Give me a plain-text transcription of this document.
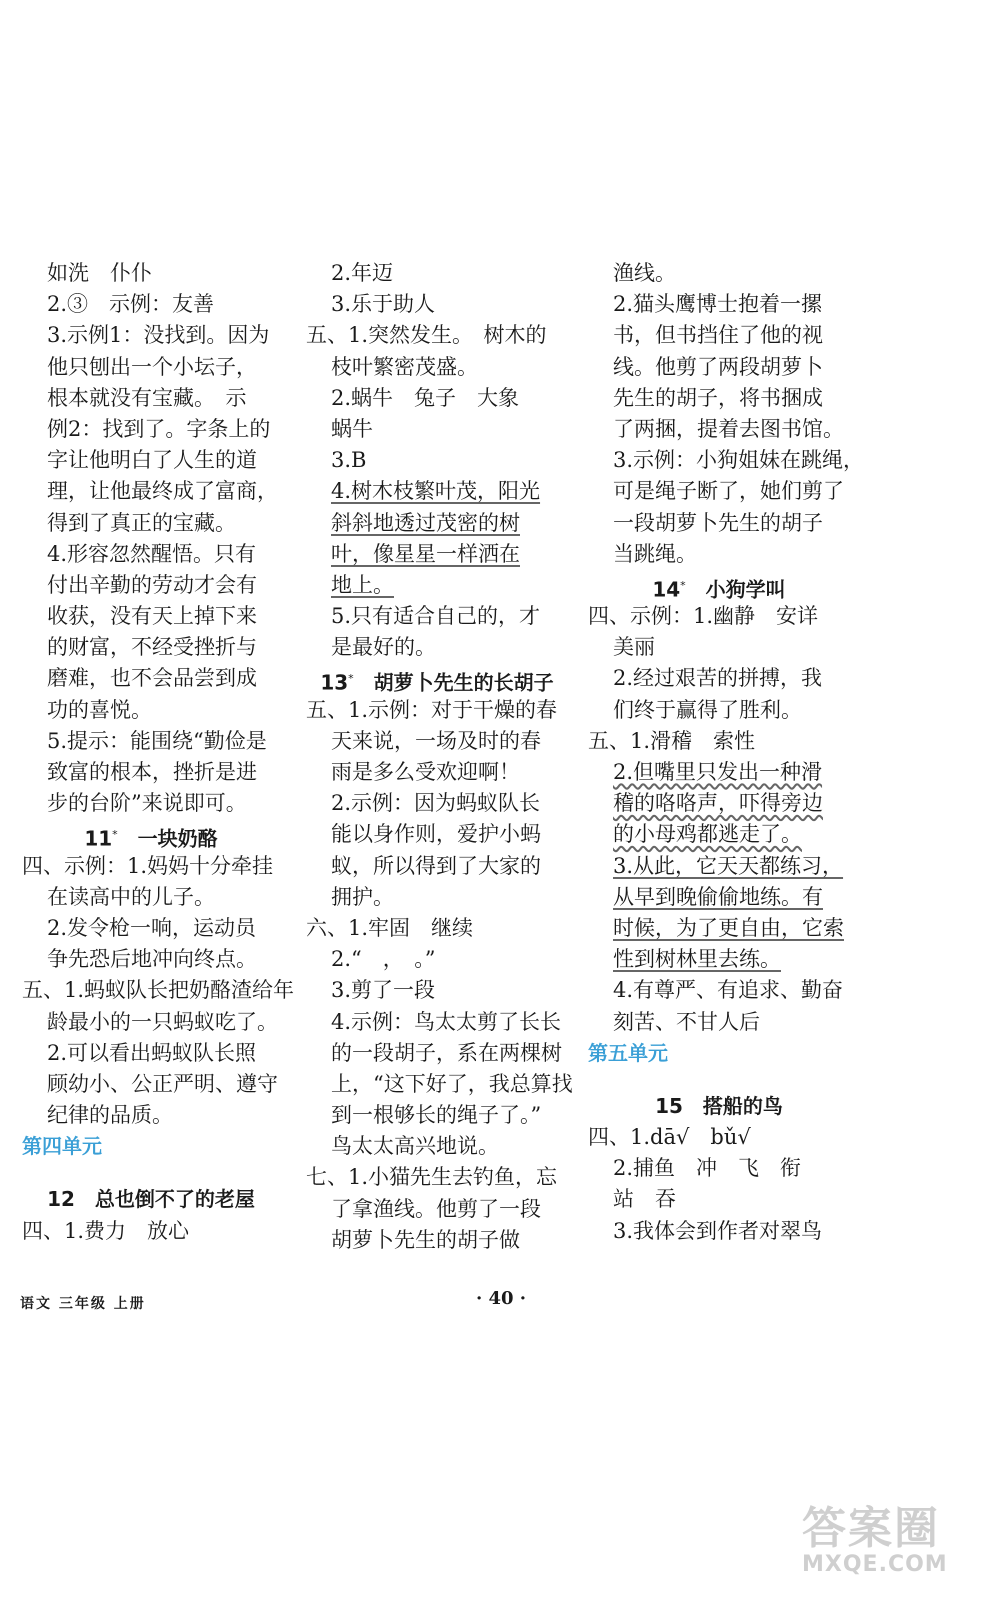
如洗　仆仆
2.③　示例：友善
3.示例1：没找到。因为
他只刨出一个小坛子，
根本就没有宝藏。　示
例2：找到了。字条上的
字让他明白了人生的道
理，让他最终成了富商，
得到了真正的宝藏。
4.形容忽然醒悟。只有
付出辛勤的劳动才会有
收获，没有天上掉下来
的财富，不经受挫折与
磨难，也不会品尝到成
功的喜悦。
5.提示：能围绕“勤俭是
致富的根本，挫折是进
步的台阶”来说即可。
11*　一块奶酪
四、示例：1.妈妈十分牵挂
在读高中的儿子。
2.发令枪一响，运动员
争先恐后地冲向终点。
五、1.蚂蚁队长把奶酪渣给年
龄最小的一只蚂蚁吃了。
2.可以看出蚂蚁队长照
顾幼小、公正严明、遵守
纪律的品质。
第四单元
12　总也倒不了的老屋
四、1.费力　放心
2.年迈
3.乐于助人
五、1.突然发生。　树木的
枝叶繁密茂盛。
2.蜗牛　兔子　大象
蜗牛
3.B
4.树木枝繁叶茂，阳光
斜斜地透过茂密的树
叶，像星星一样洒在
地上。
5.只有适合自己的，才
是最好的。
13*　胡萝卜先生的长胡子
五、1.示例：对于干燥的春
天来说，一场及时的春
雨是多么受欢迎啊！
2.示例：因为蚂蚁队长
能以身作则，爱护小蚂
蚁，所以得到了大家的
拥护。
六、1.牢固　继续
2.“　，　。”
3.剪了一段
4.示例：鸟太太剪了长长
的一段胡子，系在两棵树
上，“这下好了，我总算找
到一根够长的绳子了。”
鸟太太高兴地说。
七、1.小猫先生去钓鱼，忘
了拿渔线。他剪了一段
胡萝卜先生的胡子做
渔线。
2.猫头鹰博士抱着一摞
书，但书挡住了他的视
线。他剪了两段胡萝卜
先生的胡子，将书捆成
了两捆，提着去图书馆。
3.示例：小狗姐妹在跳绳，
可是绳子断了，她们剪了
一段胡萝卜先生的胡子
当跳绳。
14*　小狗学叫
四、示例：1.幽静　安详
美丽
2.经过艰苦的拼搏，我
们终于赢得了胜利。
五、1.滑稽　索性
2.但嘴里只发出一种滑
稽的咯咯声，吓得旁边
的小母鸡都逃走了。
3.从此，它天天都练习，
从早到晚偷偷地练。有
时候，为了更自由，它索
性到树林里去练。
4.有尊严、有追求、勤奋
刻苦、不甘人后
第五单元
15　搭船的鸟
四、1.dā√　bǔ√
2.捕鱼　冲　飞　衔
站　吞
3.我体会到作者对翠鸟
语文 三年级 上册	· 40 ·
答案圈
MXQE.COM
